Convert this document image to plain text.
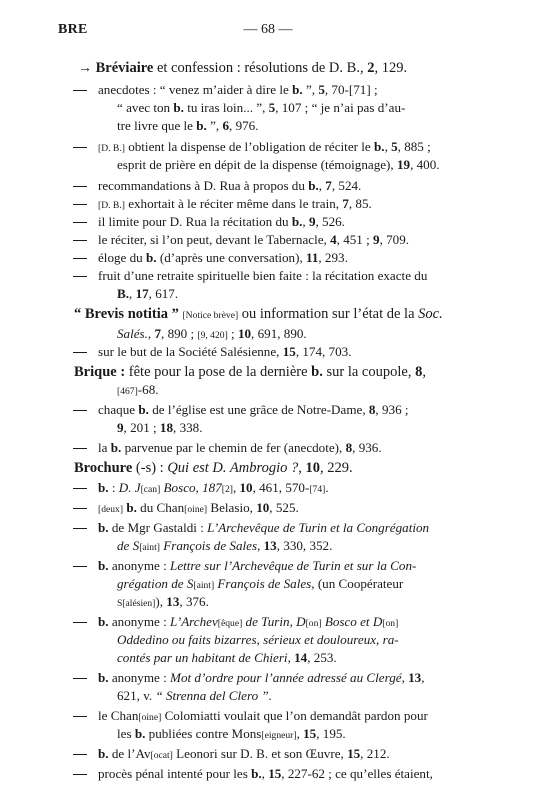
BRE	— 68 —
→ Bréviaire et confession : résolutions de D. B., 2, 129.
anecdotes : “ venez m’aider à dire le b. ”, 5, 70-[71] ;
“ avec ton b. tu iras loin... ”, 5, 107 ; “ je n’ai pas d’au-
tre livre que le b. ”, 6, 976.
[D. B.] obtient la dispense de l’obligation de réciter le b., 5, 885 ;
esprit de prière en dépit de la dispense (témoignage), 19, 400.
recommandations à D. Rua à propos du b., 7, 524.
[D. B.] exhortait à le réciter même dans le train, 7, 85.
il limite pour D. Rua la récitation du b., 9, 526.
le réciter, si l’on peut, devant le Tabernacle, 4, 451 ; 9, 709.
éloge du b. (d’après une conversation), 11, 293.
fruit d’une retraite spirituelle bien faite : la récitation exacte du
B., 17, 617.
“ Brevis notitia ” [Notice brève] ou information sur l’état de la Soc.
Salés., 7, 890 ; [9, 420] ; 10, 691, 890.
sur le but de la Société Salésienne, 15, 174, 703.
Brique : fête pour la pose de la dernière b. sur la coupole, 8,
[467]-68.
chaque b. de l’église est une grâce de Notre-Dame, 8, 936 ;
9, 201 ; 18, 338.
la b. parvenue par le chemin de fer (anecdote), 8, 936.
Brochure (-s) : Qui est D. Ambrogio ?, 10, 229.
b. : D. J[can] Bosco, 187[2], 10, 461, 570-[74].
[deux] b. du Chan[oine] Belasio, 10, 525.
b. de Mgr Gastaldi : L’Archevêque de Turin et la Congrégation
de S[aint] François de Sales, 13, 330, 352.
b. anonyme : Lettre sur l’Archevêque de Turin et sur la Con-
grégation de S[aint] François de Sales, (un Coopérateur
S[alésien]), 13, 376.
b. anonyme : L’Archev[êque] de Turin, D[on] Bosco et D[on]
Oddedino ou faits bizarres, sérieux et douloureux, ra-
contés par un habitant de Chieri, 14, 253.
b. anonyme : Mot d’ordre pour l’année adressé au Clergé, 13,
621, v. “ Strenna del Clero ”.
le Chan[oine] Colomiatti voulait que l’on demandât pardon pour
les b. publiées contre Mons[eigneur], 15, 195.
b. de l’Av[ocat] Leonori sur D. B. et son Œuvre, 15, 212.
procès pénal intenté pour les b., 15, 227-62 ; ce qu’elles étaient,
